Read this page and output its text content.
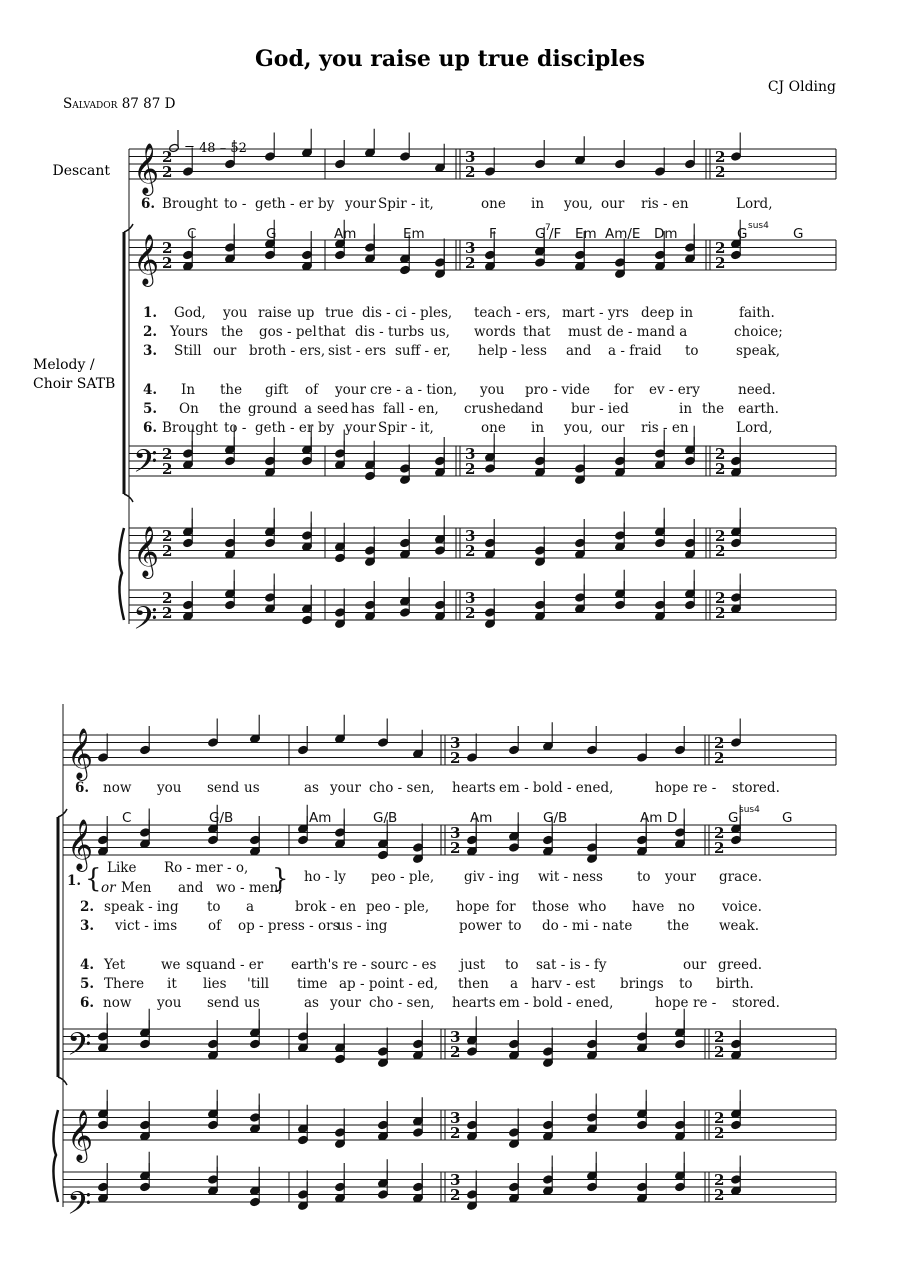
God, you raise up true disciples
CJ Olding
Salvador 87 87 D
= 48 – 52
Descant
Melody /
Choir SATB
𝄞
𝄞
𝄢
𝄞
𝄢
𝄞
𝄞
𝄢
𝄞
𝄢
2
2
3
2
2
2
2
2
3
2
2
2
2
2
3
2
2
2
2
2
3
2
2
2
2
2
3
2
2
2
3
2
2
2
3
2
2
2
3
2
2
2
3
2
2
2
3
2
2
2
6. Brought to - geth - er by your Spir - it,	one in you, our ris - en	Lord,
C	G	Am	Em	F	G 7
/F Em Am/E Dm	G sus4 G
1. God, you raise up true dis - ci - ples, teach - ers, mart - yrs deep in	faith.
2. Yours the gos - pel that dis - turbs us, words that must de - mand a	choice;
3. Still our broth - ers, sist - ers suff - er, help - less and a - fraid to	speak,
4. In the gift of your cre - a - tion, you pro - vide for ev - ery	need.
5. On the ground a seed has fall - en, crushed and bur - ied	in the earth.
6. Brought to - geth - er by your Spir - it,	one in you, our ris - en	Lord,
6. now you send us	as your cho - sen, hearts em - bold - ened,	hope re - stored.
C	G/B	Am	G/B	Am	G/B	Am D	G sus4 G
1. { Like Ro - mer - o,
or Men and wo - men,
} ho - ly peo - ple, giv - ing wit - ness	to your grace.
2. speak - ing to a	brok - en peo - ple, hope for those who have no voice.
3. vict - ims of op - press - ors
us - ing	power to do - mi - nate	the weak.
4. Yet	we squand - er earth's re - sourc - es just to sat - is - fy	our greed.
5. There it lies 'till time ap - point - ed, then a harv - est brings to birth.
6. now you send us	as your cho - sen, hearts em - bold - ened,	hope re - stored.
